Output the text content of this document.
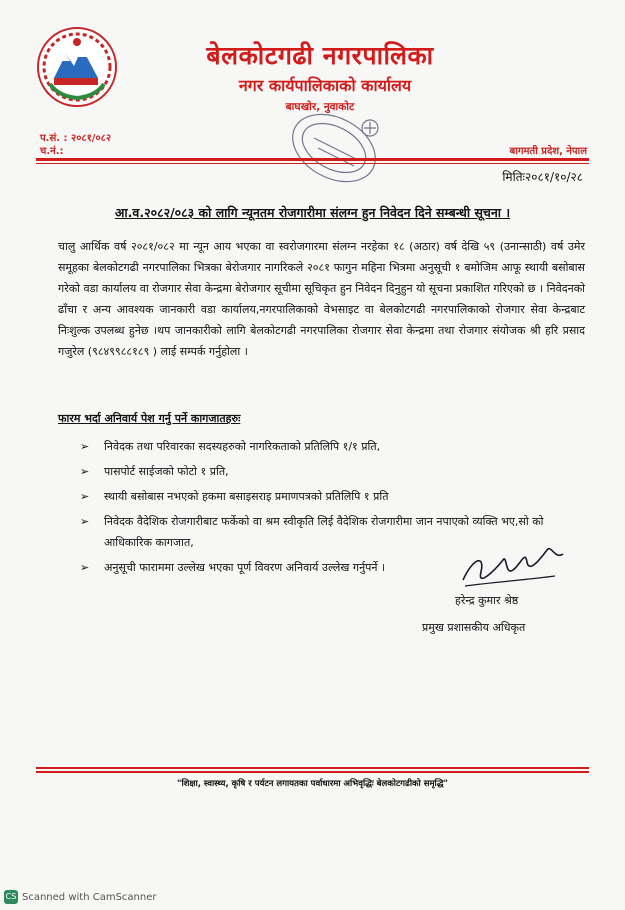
बेलकोटगढी नगरपालिका
नगर कार्यपालिकाको कार्यालय
बाघखोर, नुवाकोट
प.सं. : २०८१/०८२
च.नं.:	बागमती प्रदेश, नेपाल
मितिः२०८१/१०/२८
आ.व.२०८२/०८३ को लागि न्यूनतम रोजगारीमा संलग्न हुन निवेदन दिने सम्बन्धी सूचना ।
चालु आर्थिक वर्ष २०८१/०८२ मा न्यून आय भएका वा स्वरोजगारमा संलग्न नरहेका १८ (अठार) वर्ष देखि ५९ (उनान्साठी) वर्ष उमेर समूहका बेलकोटगढी नगरपालिका भित्रका बेरोजगार नागरिकले २०८१ फागुन महिना भित्रमा अनुसूची १ बमोजिम आफू स्थायी बसोबास गरेको वडा कार्यालय वा रोजगार सेवा केन्द्रमा बेरोजगार सूचीमा सूचिकृत हुन निवेदन दिनुहुन यो सूचना प्रकाशित गरिएको छ । निवेदनको ढाँचा र अन्य आवश्यक जानकारी वडा कार्यालय,नगरपालिकाको वेभसाइट वा बेलकोटगढी नगरपालिकाको रोजगार सेवा केन्द्रबाट निःशुल्क उपलब्ध हुनेछ ।थप जानकारीको लागि बेलकोटगढी नगरपालिका रोजगार सेवा केन्द्रमा तथा रोजगार संयोजक श्री हरि प्रसाद गजुरेल (९८४९९८८१८९ ) लाई सम्पर्क गर्नुहोला ।
फारम भर्दा अनिवार्य पेश गर्नु पर्ने कागजातहरुः
➢ निवेदक तथा परिवारका सदस्यहरुको नागरिकताको प्रतिलिपि १/१ प्रति,
➢ पासपोर्ट साईजको फोटो १ प्रति,
➢ स्थायी बसोबास नभएको हकमा बसाइसराइ प्रमाणपत्रको प्रतिलिपि १ प्रति
➢ निवेदक वैदेशिक रोजगारीबाट फर्केको वा श्रम स्वीकृति लिई वैदेशिक रोजगारीमा जान नपाएको व्यक्ति भए,सो को आधिकारिक कागजात,
➢ अनुसूची फाराममा उल्लेख भएका पूर्ण विवरण अनिवार्य उल्लेख गर्नुपर्ने ।
हरेन्द्र कुमार श्रेष्ठ
प्रमुख प्रशासकीय अधिकृत
"शिक्षा, स्वास्थ्य, कृषि र पर्यटन लगायतका पर्वाधारमा अभिवृद्धिः बेलकोटगढीको समृद्धि"
CS Scanned with CamScanner
